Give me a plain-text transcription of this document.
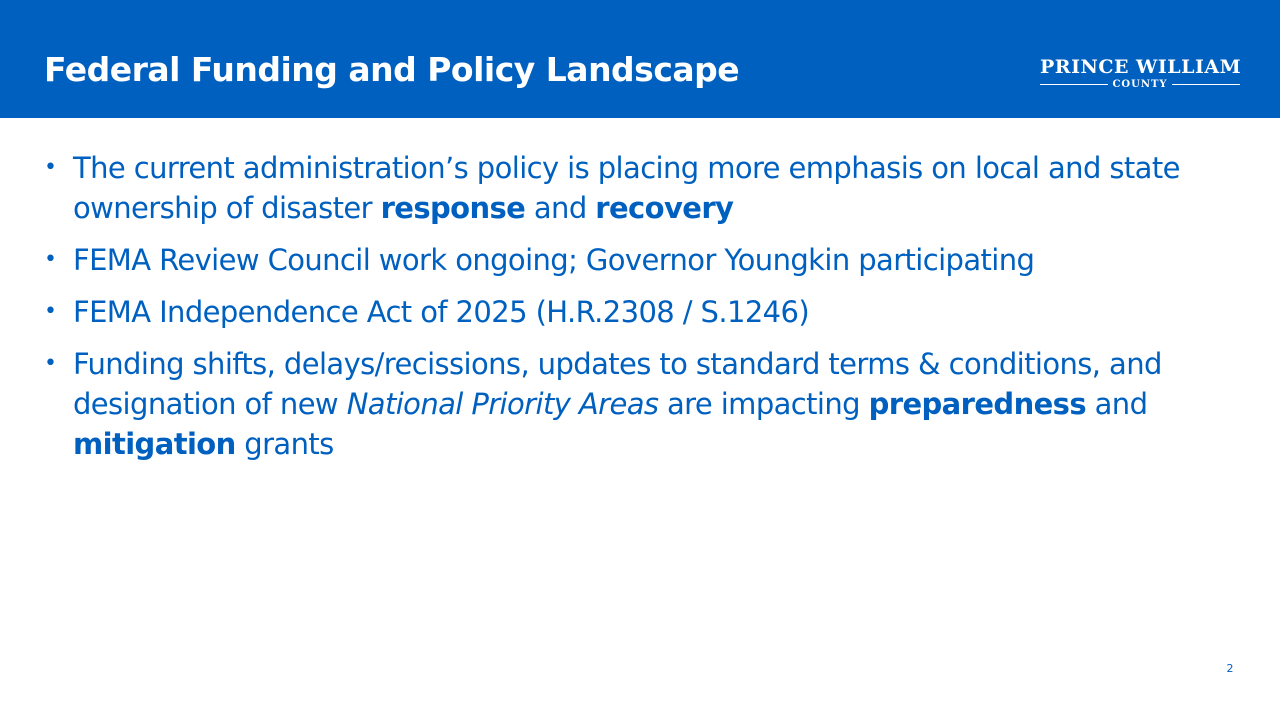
Federal Funding and Policy Landscape	PRINCE WILLIAM
COUNTY
• The current administration’s policy is placing more emphasis on local and state ownership of disaster response and recovery
• FEMA Review Council work ongoing; Governor Youngkin participating
• FEMA Independence Act of 2025 (H.R.2308 / S.1246)
• Funding shifts, delays/recissions, updates to standard terms & conditions, and designation of new National Priority Areas are impacting preparedness and mitigation grants
2
